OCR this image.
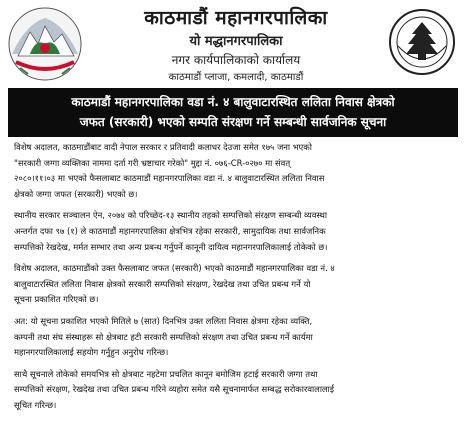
काठमाडौं महानगरपालिका
यो मद्धानगरपालिका
नगर कार्यपालिकाको कार्यालय
काठमाडौं प्लाजा, कमलादी, काठमाडौं
काठमाडौं महानगरपालिका वडा नं. ४ बालुवाटारस्थित ललिता निवास क्षेत्रको
जफत (सरकारी) भएको सम्पति संरक्षण गर्ने सम्बन्धी सार्वजनिक सूचना
विशेष अदालत, काठमाडौंबाट वादी नेपाल सरकार र प्रतिवादी कलाधर देउजा समेत १७५ जना भएको
"सरकारी जग्गा व्यक्तिका नाममा दर्ता गरी भ्रष्टाचार गरेको" मुद्दा नं. ०७६-CR-०२७० मा संवत्
२०८०।११।०३ मा भएको फैसलाबाट काठमाडौं महानगरपालिका वडा नं. ४ बालुवाटारस्थित ललिता निवास
क्षेत्रको जग्गा जफत (सरकारी) भएको छ।
स्थानीय सरकार सञ्चालन ऐन, २०७४ को परिच्छेद-१३ स्थानीय तहको सम्पत्तिको संरक्षण सम्बन्धी व्यवस्था
अन्तर्गत दफा ९७ (१) ले काठमाडौं महानगरपालिका क्षेत्रभित्र रहेका सरकारी, सामुदायिक तथा सार्वजनिक
सम्पत्तिको रेखदेख, मर्मत सम्भार तथा अन्य प्रबन्ध गर्नुपर्ने कानूनी दायित्व महानगरपालिकालाई तोकेको छ।
विशेष अदालत, काठमाडौंको उक्त फैसलाबाट जफत (सरकारी) भएको काठमाडौं महानगरपालिका वडा नं. ४
बालुवाटारस्थित ललिता निवास क्षेत्रको सरकारी सम्पत्तिको संरक्षण, रेखदेख तथा उचित प्रबन्ध गर्ने यो
सूचना प्रकाशित गरिएको छ।
अत: यो सूचना प्रकाशित भएको मितिले ७ (सात) दिनभित्र उक्त ललिता निवास क्षेत्रमा रहेका व्यक्ति,
कम्पनी तथा संघ संस्थाहरू सो क्षेत्रबाट हटी सरकारी सम्पत्तिको संरक्षण तथा उचित प्रबन्ध गर्ने कार्यमा
महानगरपालिकालाई सहयोग गर्नुहुन अनुरोध गरिन्छ।
साथै सूचनाले तोकेको समयभित्र सो क्षेत्रबाट नहटेमा प्रचलित कानून बमोजिम हटाई सरकारी जग्गा तथा
सम्पत्तिको संरक्षण, रेखदेख तथा उचित प्रबन्ध गरिने व्यहोरा समेत यसै सूचनामार्फत सम्बद्ध सरोकारवालालाई
सूचित गरिन्छ।
